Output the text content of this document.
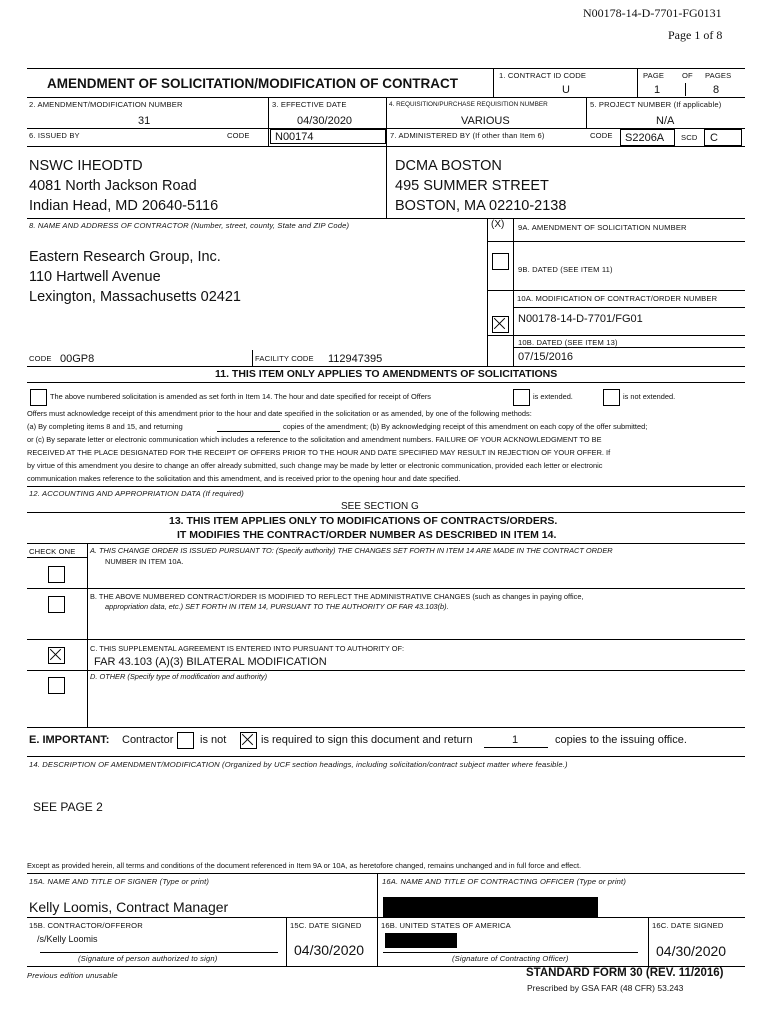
N00178-14-D-7701-FG0131
Page 1 of 8
AMENDMENT OF SOLICITATION/MODIFICATION OF CONTRACT
1. CONTRACT ID CODE
U
PAGE OF PAGES
1	8
2. AMENDMENT/MODIFICATION NUMBER
31
3. EFFECTIVE DATE
04/30/2020
4. REQUISITION/PURCHASE REQUISITION NUMBER
VARIOUS
5. PROJECT NUMBER (If applicable)
N/A
6. ISSUED BY	CODE N00174	7. ADMINISTERED BY (If other than Item 6)	CODE S2206A SCD C
NSWC IHEODTD
4081 North Jackson Road
Indian Head, MD 20640-5116
DCMA BOSTON
495 SUMMER STREET
BOSTON, MA 02210-2138
8. NAME AND ADDRESS OF CONTRACTOR (Number, street, county, State and ZIP Code)
Eastern Research Group, Inc.
110 Hartwell Avenue
Lexington, Massachusetts 02421
CODE 00GP8	FACILITY CODE 112947395
(X) 9A. AMENDMENT OF SOLICITATION NUMBER
9B. DATED (SEE ITEM 11)
10A. MODIFICATION OF CONTRACT/ORDER NUMBER
N00178-14-D-7701/FG01
10B. DATED (SEE ITEM 13)
07/15/2016
11. THIS ITEM ONLY APPLIES TO AMENDMENTS OF SOLICITATIONS
The above numbered solicitation is amended as set forth in Item 14. The hour and date specified for receipt of Offers	is extended.	is not extended.
Offers must acknowledge receipt of this amendment prior to the hour and date specified in the solicitation or as amended, by one of the following methods:
(a) By completing items 8 and 15, and returning	copies of the amendment; (b) By acknowledging receipt of this amendment on each copy of the offer submitted;
or (c) By separate letter or electronic communication which includes a reference to the solicitation and amendment numbers. FAILURE OF YOUR ACKNOWLEDGMENT TO BE
RECEIVED AT THE PLACE DESIGNATED FOR THE RECEIPT OF OFFERS PRIOR TO THE HOUR AND DATE SPECIFIED MAY RESULT IN REJECTION OF YOUR OFFER. If
by virtue of this amendment you desire to change an offer already submitted, such change may be made by letter or electronic communication, provided each letter or electronic
communication makes reference to the solicitation and this amendment, and is received prior to the opening hour and date specified.
12. ACCOUNTING AND APPROPRIATION DATA (If required)
SEE SECTION G
13. THIS ITEM APPLIES ONLY TO MODIFICATIONS OF CONTRACTS/ORDERS.
IT MODIFIES THE CONTRACT/ORDER NUMBER AS DESCRIBED IN ITEM 14.
CHECK ONE A. THIS CHANGE ORDER IS ISSUED PURSUANT TO: (Specify authority) THE CHANGES SET FORTH IN ITEM 14 ARE MADE IN THE CONTRACT ORDER
NUMBER IN ITEM 10A.
B. THE ABOVE NUMBERED CONTRACT/ORDER IS MODIFIED TO REFLECT THE ADMINISTRATIVE CHANGES (such as changes in paying office,
appropriation data, etc.) SET FORTH IN ITEM 14, PURSUANT TO THE AUTHORITY OF FAR 43.103(b).
C. THIS SUPPLEMENTAL AGREEMENT IS ENTERED INTO PURSUANT TO AUTHORITY OF:
FAR 43.103 (A)(3) BILATERAL MODIFICATION
D. OTHER (Specify type of modification and authority)
E. IMPORTANT: Contractor is not	is required to sign this document and return	1	copies to the issuing office.
14. DESCRIPTION OF AMENDMENT/MODIFICATION (Organized by UCF section headings, including solicitation/contract subject matter where feasible.)
SEE PAGE 2
Except as provided herein, all terms and conditions of the document referenced in Item 9A or 10A, as heretofore changed, remains unchanged and in full force and effect.
15A. NAME AND TITLE OF SIGNER (Type or print)
Kelly Loomis, Contract Manager
16A. NAME AND TITLE OF CONTRACTING OFFICER (Type or print)
15B. CONTRACTOR/OFFEROR
/s/Kelly Loomis
(Signature of person authorized to sign)
15C. DATE SIGNED
04/30/2020
16B. UNITED STATES OF AMERICA
(Signature of Contracting Officer)
16C. DATE SIGNED
04/30/2020
Previous edition unusable	STANDARD FORM 30 (REV. 11/2016)
Prescribed by GSA FAR (48 CFR) 53.243
